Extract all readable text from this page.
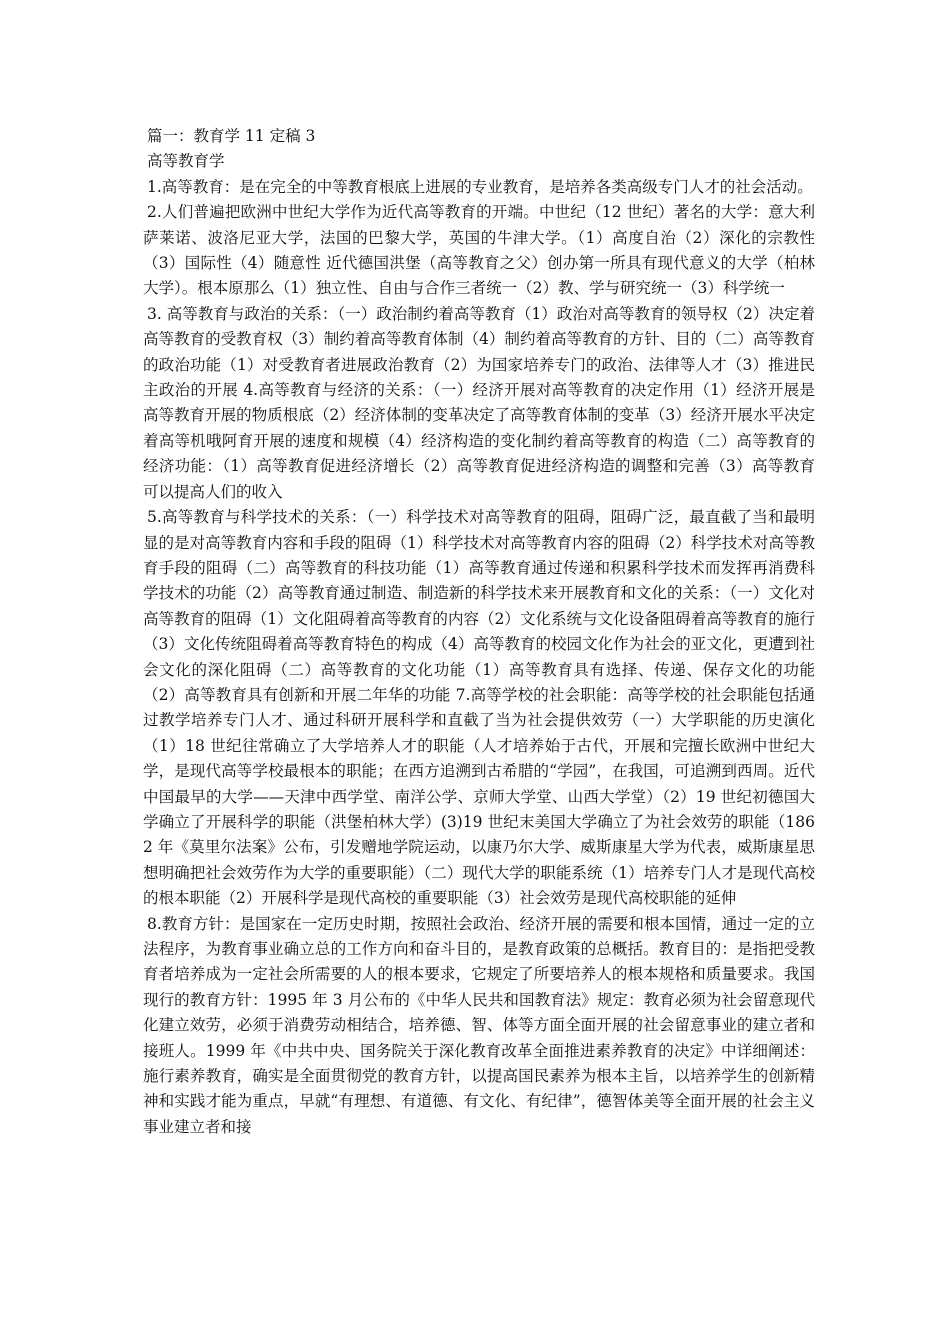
篇一：教育学 11 定稿 3

高等教育学

1.高等教育：是在完全的中等教育根底上进展的专业教育，是培养各类高级专门人才的社会活动。

2.人们普遍把欧洲中世纪大学作为近代高等教育的开端。中世纪（12 世纪）著名的大学：意大利萨莱诺、波洛尼亚大学，法国的巴黎大学，英国的牛津大学。（1）高度自治（2）深化的宗教性（3）国际性（4）随意性 近代德国洪堡（高等教育之父）创办第一所具有现代意义的大学（柏林大学）。根本原那么（1）独立性、自由与合作三者统一（2）教、学与研究统一（3）科学统一

3. 高等教育与政治的关系：（一）政治制约着高等教育（1）政治对高等教育的领导权（2）决定着高等教育的受教育权（3）制约着高等教育体制（4）制约着高等教育的方针、目的（二）高等教育的政治功能（1）对受教育者进展政治教育（2）为国家培养专门的政治、法律等人才（3）推进民主政治的开展 4.高等教育与经济的关系：（一）经济开展对高等教育的决定作用（1）经济开展是高等教育开展的物质根底（2）经济体制的变革决定了高等教育体制的变革（3）经济开展水平决定着高等机哦阿育开展的速度和规模（4）经济构造的变化制约着高等教育的构造（二）高等教育的经济功能：（1）高等教育促进经济增长（2）高等教育促进经济构造的调整和完善（3）高等教育可以提高人们的收入

5.高等教育与科学技术的关系：（一）科学技术对高等教育的阻碍，阻碍广泛，最直截了当和最明显的是对高等教育内容和手段的阻碍（1）科学技术对高等教育内容的阻碍（2）科学技术对高等教育手段的阻碍（二）高等教育的科技功能（1）高等教育通过传递和积累科学技术而发挥再消费科学技术的功能（2）高等教育通过制造、制造新的科学技术来开展教育和文化的关系：（一）文化对高等教育的阻碍（1）文化阻碍着高等教育的内容（2）文化系统与文化设备阻碍着高等教育的施行（3）文化传统阻碍着高等教育特色的构成（4）高等教育的校园文化作为社会的亚文化，更遭到社会文化的深化阻碍（二）高等教育的文化功能（1）高等教育具有选择、传递、保存文化的功能（2）高等教育具有创新和开展二年华的功能 7.高等学校的社会职能：高等学校的社会职能包括通过教学培养专门人才、通过科研开展科学和直截了当为社会提供效劳（一）大学职能的历史演化（1）18 世纪往常确立了大学培养人才的职能（人才培养始于古代，开展和完擅长欧洲中世纪大学，是现代高等学校最根本的职能；在西方追溯到古希腊的“学园”，在我国，可追溯到西周。近代中国最早的大学——天津中西学堂、南洋公学、京师大学堂、山西大学堂）（2）19 世纪初德国大学确立了开展科学的职能（洪堡柏林大学）(3)19 世纪末美国大学确立了为社会效劳的职能（1862 年《莫里尔法案》公布，引发赠地学院运动，以康乃尔大学、威斯康星大学为代表，威斯康星思想明确把社会效劳作为大学的重要职能）（二）现代大学的职能系统（1）培养专门人才是现代高校的根本职能（2）开展科学是现代高校的重要职能（3）社会效劳是现代高校职能的延伸

8.教育方针：是国家在一定历史时期，按照社会政治、经济开展的需要和根本国情，通过一定的立法程序，为教育事业确立总的工作方向和奋斗目的，是教育政策的总概括。教育目的：是指把受教育者培养成为一定社会所需要的人的根本要求，它规定了所要培养人的根本规格和质量要求。我国现行的教育方针：1995 年 3 月公布的《中华人民共和国教育法》规定：教育必须为社会留意现代化建立效劳，必须于消费劳动相结合，培养德、智、体等方面全面开展的社会留意事业的建立者和接班人。1999 年《中共中央、国务院关于深化教育改革全面推进素养教育的决定》中详细阐述：施行素养教育，确实是全面贯彻党的教育方针，以提高国民素养为根本主旨，以培养学生的创新精神和实践才能为重点，早就“有理想、有道德、有文化、有纪律”，德智体美等全面开展的社会主义事业建立者和接
